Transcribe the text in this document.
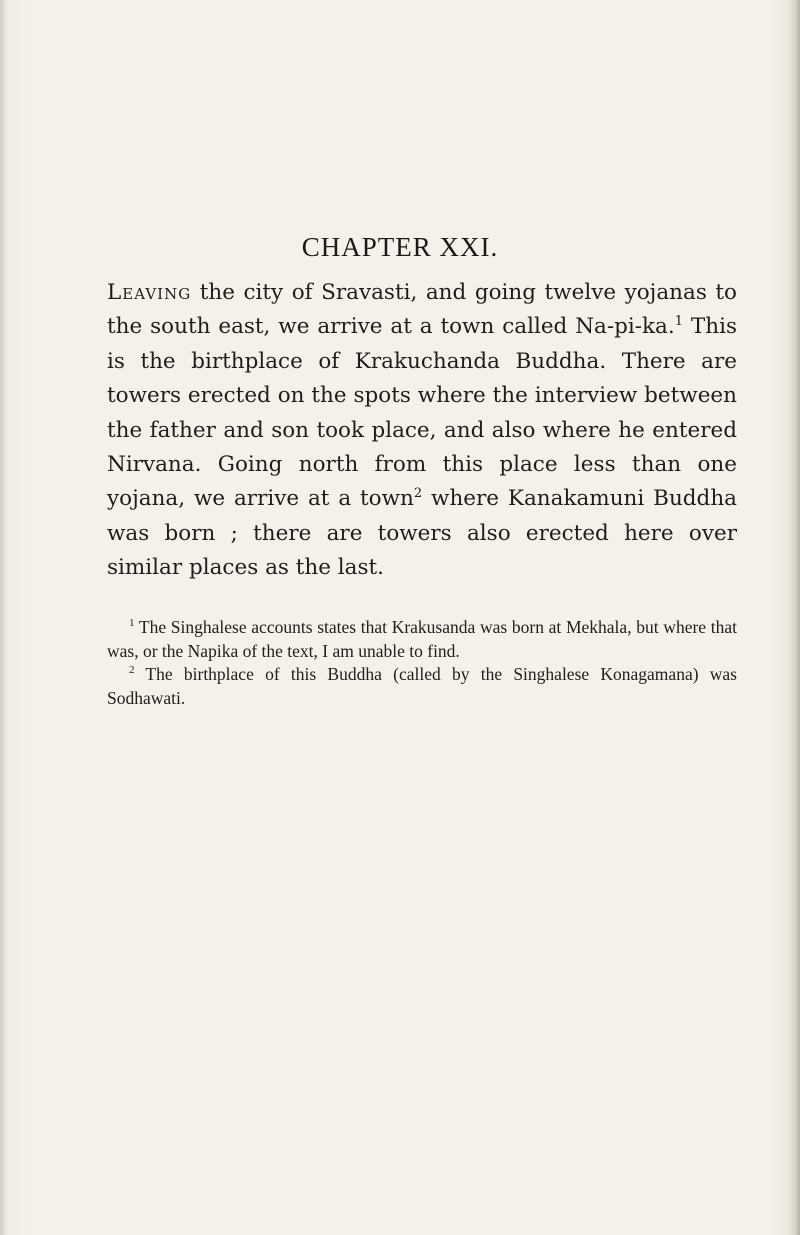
CHAPTER XXI.

Leaving the city of Sravasti, and going twelve yojanas to the south east, we arrive at a town called Na-pi-ka.$^1$ This is the birthplace of Krakuchanda Buddha. There are towers erected on the spots where the interview between the father and son took place, and also where he entered Nirvana. Going north from this place less than one yojana, we arrive at a town$^2$ where Kanakamuni Buddha was born ; there are towers also erected here over similar places as the last.

$^1$ The Singhalese accounts states that Krakusanda was born at Mekhala, but where that was, or the Napika of the text, I am unable to find.

$^2$ The birthplace of this Buddha (called by the Singhalese Konagamana) was Sodhawati.
